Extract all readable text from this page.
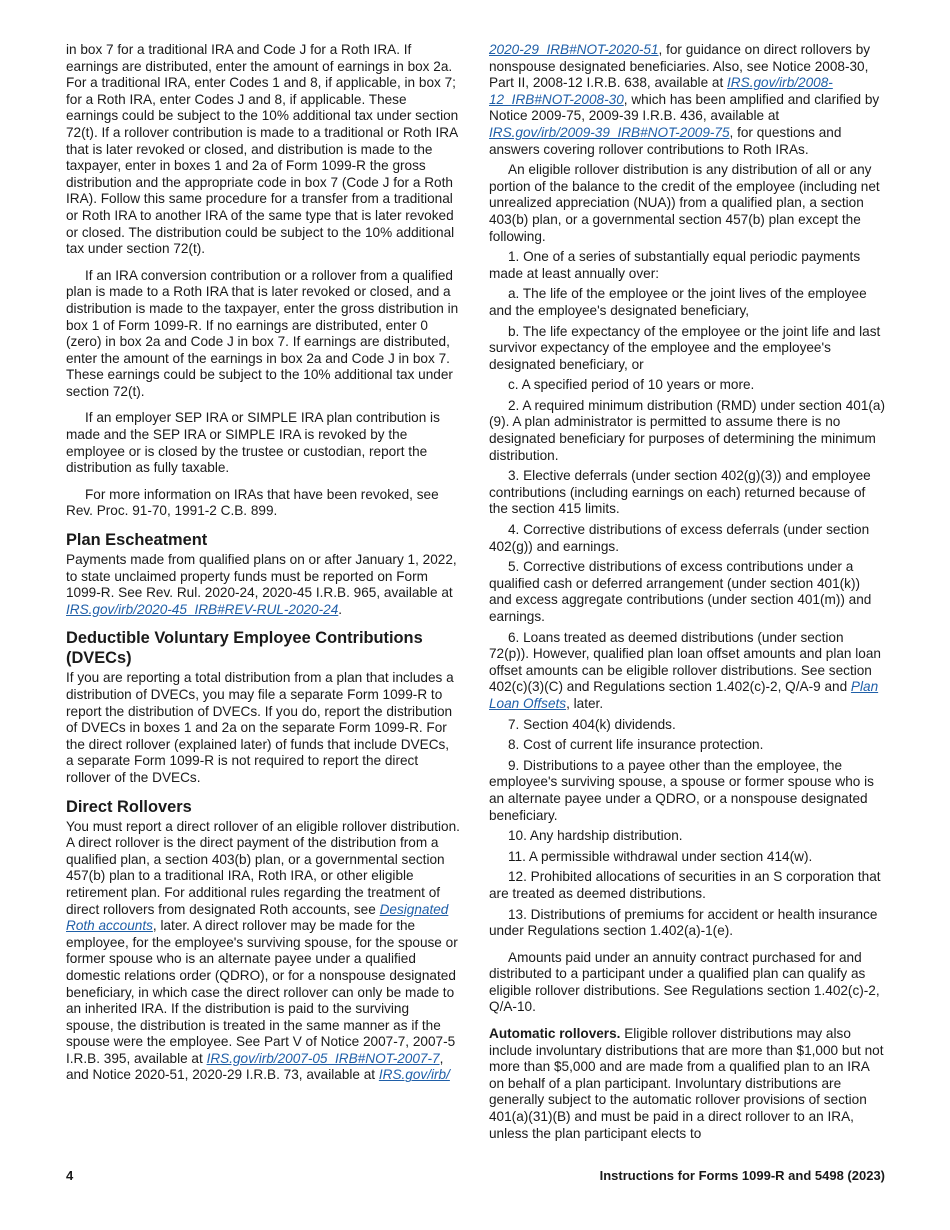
in box 7 for a traditional IRA and Code J for a Roth IRA. If earnings are distributed, enter the amount of earnings in box 2a. For a traditional IRA, enter Codes 1 and 8, if applicable, in box 7; for a Roth IRA, enter Codes J and 8, if applicable. These earnings could be subject to the 10% additional tax under section 72(t). If a rollover contribution is made to a traditional or Roth IRA that is later revoked or closed, and distribution is made to the taxpayer, enter in boxes 1 and 2a of Form 1099-R the gross distribution and the appropriate code in box 7 (Code J for a Roth IRA). Follow this same procedure for a transfer from a traditional or Roth IRA to another IRA of the same type that is later revoked or closed. The distribution could be subject to the 10% additional tax under section 72(t).

If an IRA conversion contribution or a rollover from a qualified plan is made to a Roth IRA that is later revoked or closed, and a distribution is made to the taxpayer, enter the gross distribution in box 1 of Form 1099-R. If no earnings are distributed, enter 0 (zero) in box 2a and Code J in box 7. If earnings are distributed, enter the amount of the earnings in box 2a and Code J in box 7. These earnings could be subject to the 10% additional tax under section 72(t).

If an employer SEP IRA or SIMPLE IRA plan contribution is made and the SEP IRA or SIMPLE IRA is revoked by the employee or is closed by the trustee or custodian, report the distribution as fully taxable.

For more information on IRAs that have been revoked, see Rev. Proc. 91-70, 1991-2 C.B. 899.

Plan Escheatment

Payments made from qualified plans on or after January 1, 2022, to state unclaimed property funds must be reported on Form 1099-R. See Rev. Rul. 2020-24, 2020-45 I.R.B. 965, available at IRS.gov/irb/2020-45_IRB#REV-RUL-2020-24.

Deductible Voluntary Employee Contributions (DVECs)

If you are reporting a total distribution from a plan that includes a distribution of DVECs, you may file a separate Form 1099-R to report the distribution of DVECs. If you do, report the distribution of DVECs in boxes 1 and 2a on the separate Form 1099-R. For the direct rollover (explained later) of funds that include DVECs, a separate Form 1099-R is not required to report the direct rollover of the DVECs.

Direct Rollovers

You must report a direct rollover of an eligible rollover distribution. A direct rollover is the direct payment of the distribution from a qualified plan, a section 403(b) plan, or a governmental section 457(b) plan to a traditional IRA, Roth IRA, or other eligible retirement plan. For additional rules regarding the treatment of direct rollovers from designated Roth accounts, see Designated Roth accounts, later. A direct rollover may be made for the employee, for the employee's surviving spouse, for the spouse or former spouse who is an alternate payee under a qualified domestic relations order (QDRO), or for a nonspouse designated beneficiary, in which case the direct rollover can only be made to an inherited IRA. If the distribution is paid to the surviving spouse, the distribution is treated in the same manner as if the spouse were the employee. See Part V of Notice 2007-7, 2007-5 I.R.B. 395, available at IRS.gov/irb/2007-05_IRB#NOT-2007-7, and Notice 2020-51, 2020-29 I.R.B. 73, available at IRS.gov/irb/

2020-29_IRB#NOT-2020-51, for guidance on direct rollovers by nonspouse designated beneficiaries. Also, see Notice 2008-30, Part II, 2008-12 I.R.B. 638, available at IRS.gov/irb/2008-12_IRB#NOT-2008-30, which has been amplified and clarified by Notice 2009-75, 2009-39 I.R.B. 436, available at IRS.gov/irb/2009-39_IRB#NOT-2009-75, for questions and answers covering rollover contributions to Roth IRAs.

An eligible rollover distribution is any distribution of all or any portion of the balance to the credit of the employee (including net unrealized appreciation (NUA)) from a qualified plan, a section 403(b) plan, or a governmental section 457(b) plan except the following.

1. One of a series of substantially equal periodic payments made at least annually over:

a. The life of the employee or the joint lives of the employee and the employee's designated beneficiary,

b. The life expectancy of the employee or the joint life and last survivor expectancy of the employee and the employee's designated beneficiary, or

c. A specified period of 10 years or more.

2. A required minimum distribution (RMD) under section 401(a)(9). A plan administrator is permitted to assume there is no designated beneficiary for purposes of determining the minimum distribution.

3. Elective deferrals (under section 402(g)(3)) and employee contributions (including earnings on each) returned because of the section 415 limits.

4. Corrective distributions of excess deferrals (under section 402(g)) and earnings.

5. Corrective distributions of excess contributions under a qualified cash or deferred arrangement (under section 401(k)) and excess aggregate contributions (under section 401(m)) and earnings.

6. Loans treated as deemed distributions (under section 72(p)). However, qualified plan loan offset amounts and plan loan offset amounts can be eligible rollover distributions. See section 402(c)(3)(C) and Regulations section 1.402(c)-2, Q/A-9 and Plan Loan Offsets, later.

7. Section 404(k) dividends.

8. Cost of current life insurance protection.

9. Distributions to a payee other than the employee, the employee's surviving spouse, a spouse or former spouse who is an alternate payee under a QDRO, or a nonspouse designated beneficiary.

10. Any hardship distribution.

11. A permissible withdrawal under section 414(w).

12. Prohibited allocations of securities in an S corporation that are treated as deemed distributions.

13. Distributions of premiums for accident or health insurance under Regulations section 1.402(a)-1(e).

Amounts paid under an annuity contract purchased for and distributed to a participant under a qualified plan can qualify as eligible rollover distributions. See Regulations section 1.402(c)-2, Q/A-10.

Automatic rollovers. Eligible rollover distributions may also include involuntary distributions that are more than $1,000 but not more than $5,000 and are made from a qualified plan to an IRA on behalf of a plan participant. Involuntary distributions are generally subject to the automatic rollover provisions of section 401(a)(31)(B) and must be paid in a direct rollover to an IRA, unless the plan participant elects to

4	Instructions for Forms 1099-R and 5498 (2023)
